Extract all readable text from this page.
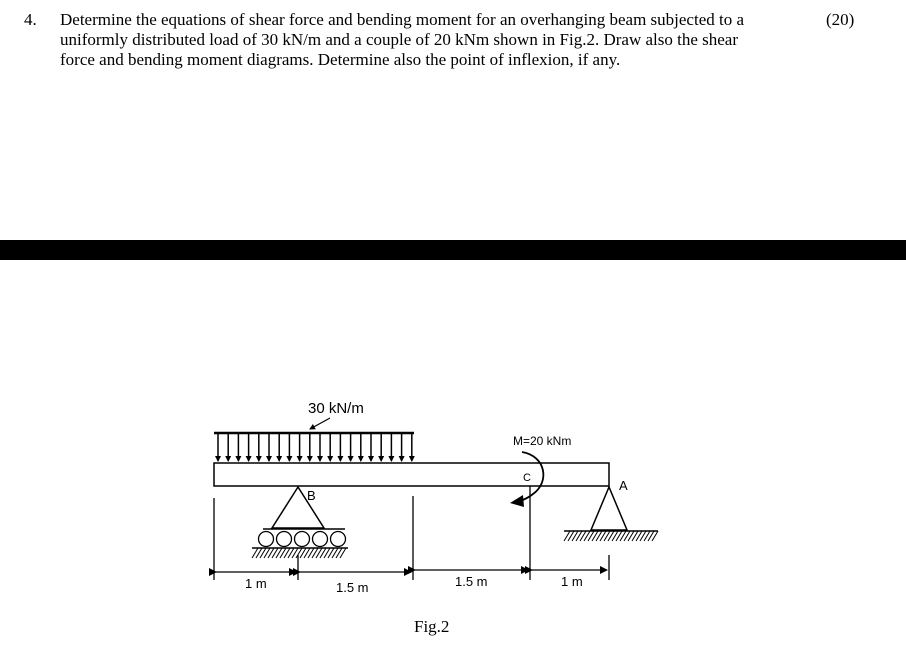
4. Determine the equations of shear force and bending moment for an overhanging beam subjected to a
uniformly distributed load of 30 kN/m and a couple of 20 kNm shown in Fig.2. Draw also the shear
force and bending moment diagrams. Determine also the point of inflexion, if any.
(20)
30 kN/m
B
A
M=20 kNm
C
1 m	1.5 m	1.5 m	1 m
Fig.2
